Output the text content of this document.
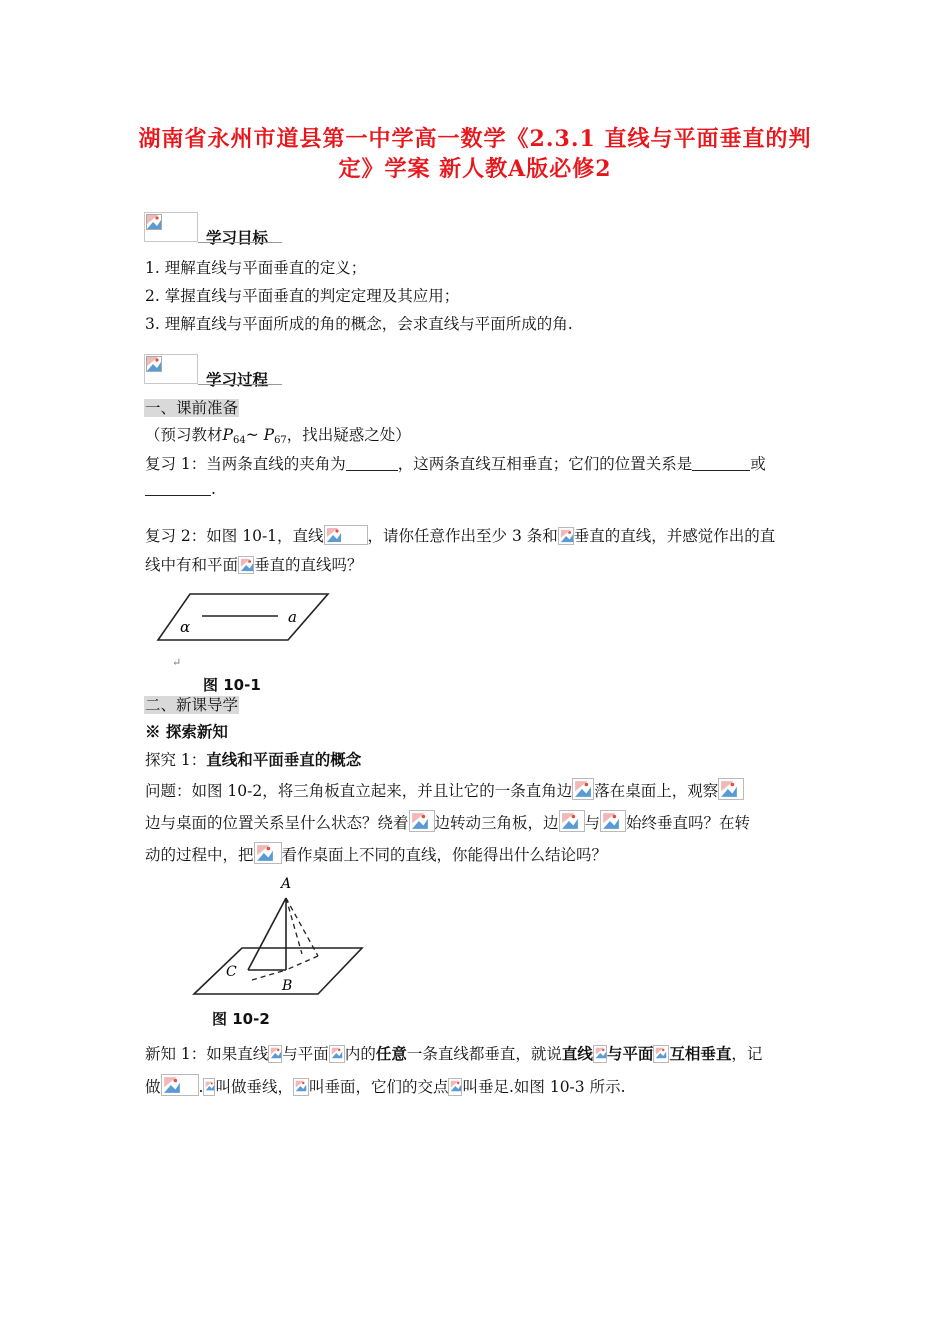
湖南省永州市道县第一中学高一数学《2.3.1 直线与平面垂直的判
定》学案 新人教A版必修2
学习目标
1. 理解直线与平面垂直的定义；
2. 掌握直线与平面垂直的判定定理及其应用；
3. 理解直线与平面所成的角的概念，会求直线与平面所成的角.
学习过程
一、课前准备
（预习教材$P_{64}\sim$ $P_{67}$，找出疑惑之处）
复习 1：当两条直线的夹角为	，这两条直线互相垂直；它们的位置关系是	或
.
复习 2：如图 10-1，直线	，请你任意作出至少 3 条和 垂直的直线，并感觉作出的直
线中有和平面 垂直的直线吗？
α
a
↵
图 10-1
二、新课导学
※ 探索新知
探究 1：直线和平面垂直的概念
问题：如图 10-2，将三角板直立起来，并且让它的一条直角边 落在桌面上，观察
边与桌面的位置关系呈什么状态？绕着 边转动三角板，边 与 始终垂直吗？在转
动的过程中，把 看作桌面上不同的直线，你能得出什么结论吗？
A
C
B
图 10-2
新知 1：如果直线 与平面 内的任意一条直线都垂直，就说直线 与平面 互相垂直，记
做 . 叫做垂线， 叫垂面，它们的交点 叫垂足.如图 10-3 所示.
